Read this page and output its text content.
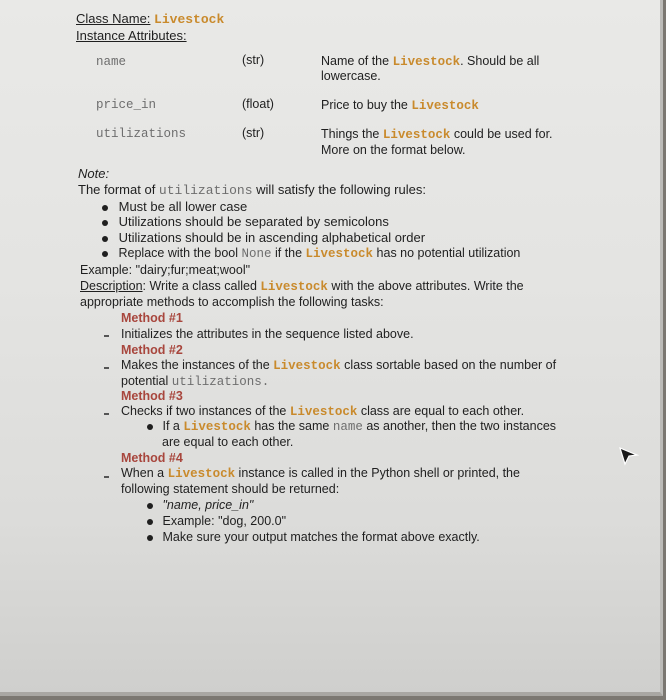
Class Name: Livestock
Instance Attributes:
name	(str)	Name of the Livestock. Should be all
lowercase.
price_in	(float)	Price to buy the Livestock
utilizations	(str)	Things the Livestock could be used for.
More on the format below.
Note:
The format of utilizations will satisfy the following rules:
Must be all lower case
Utilizations should be separated by semicolons
Utilizations should be in ascending alphabetical order
Replace with the bool None if the Livestock has no potential utilization
Example: "dairy;fur;meat;wool"
Description: Write a class called Livestock with the above attributes. Write the
appropriate methods to accomplish the following tasks:
Method #1
Initializes the attributes in the sequence listed above.
Method #2
Makes the instances of the Livestock class sortable based on the number of
potential utilizations.
Method #3
Checks if two instances of the Livestock class are equal to each other.
If a Livestock has the same name as another, then the two instances
are equal to each other.
Method #4
When a Livestock instance is called in the Python shell or printed, the
following statement should be returned:
"name, price_in"
Example: "dog, 200.0"
Make sure your output matches the format above exactly.
